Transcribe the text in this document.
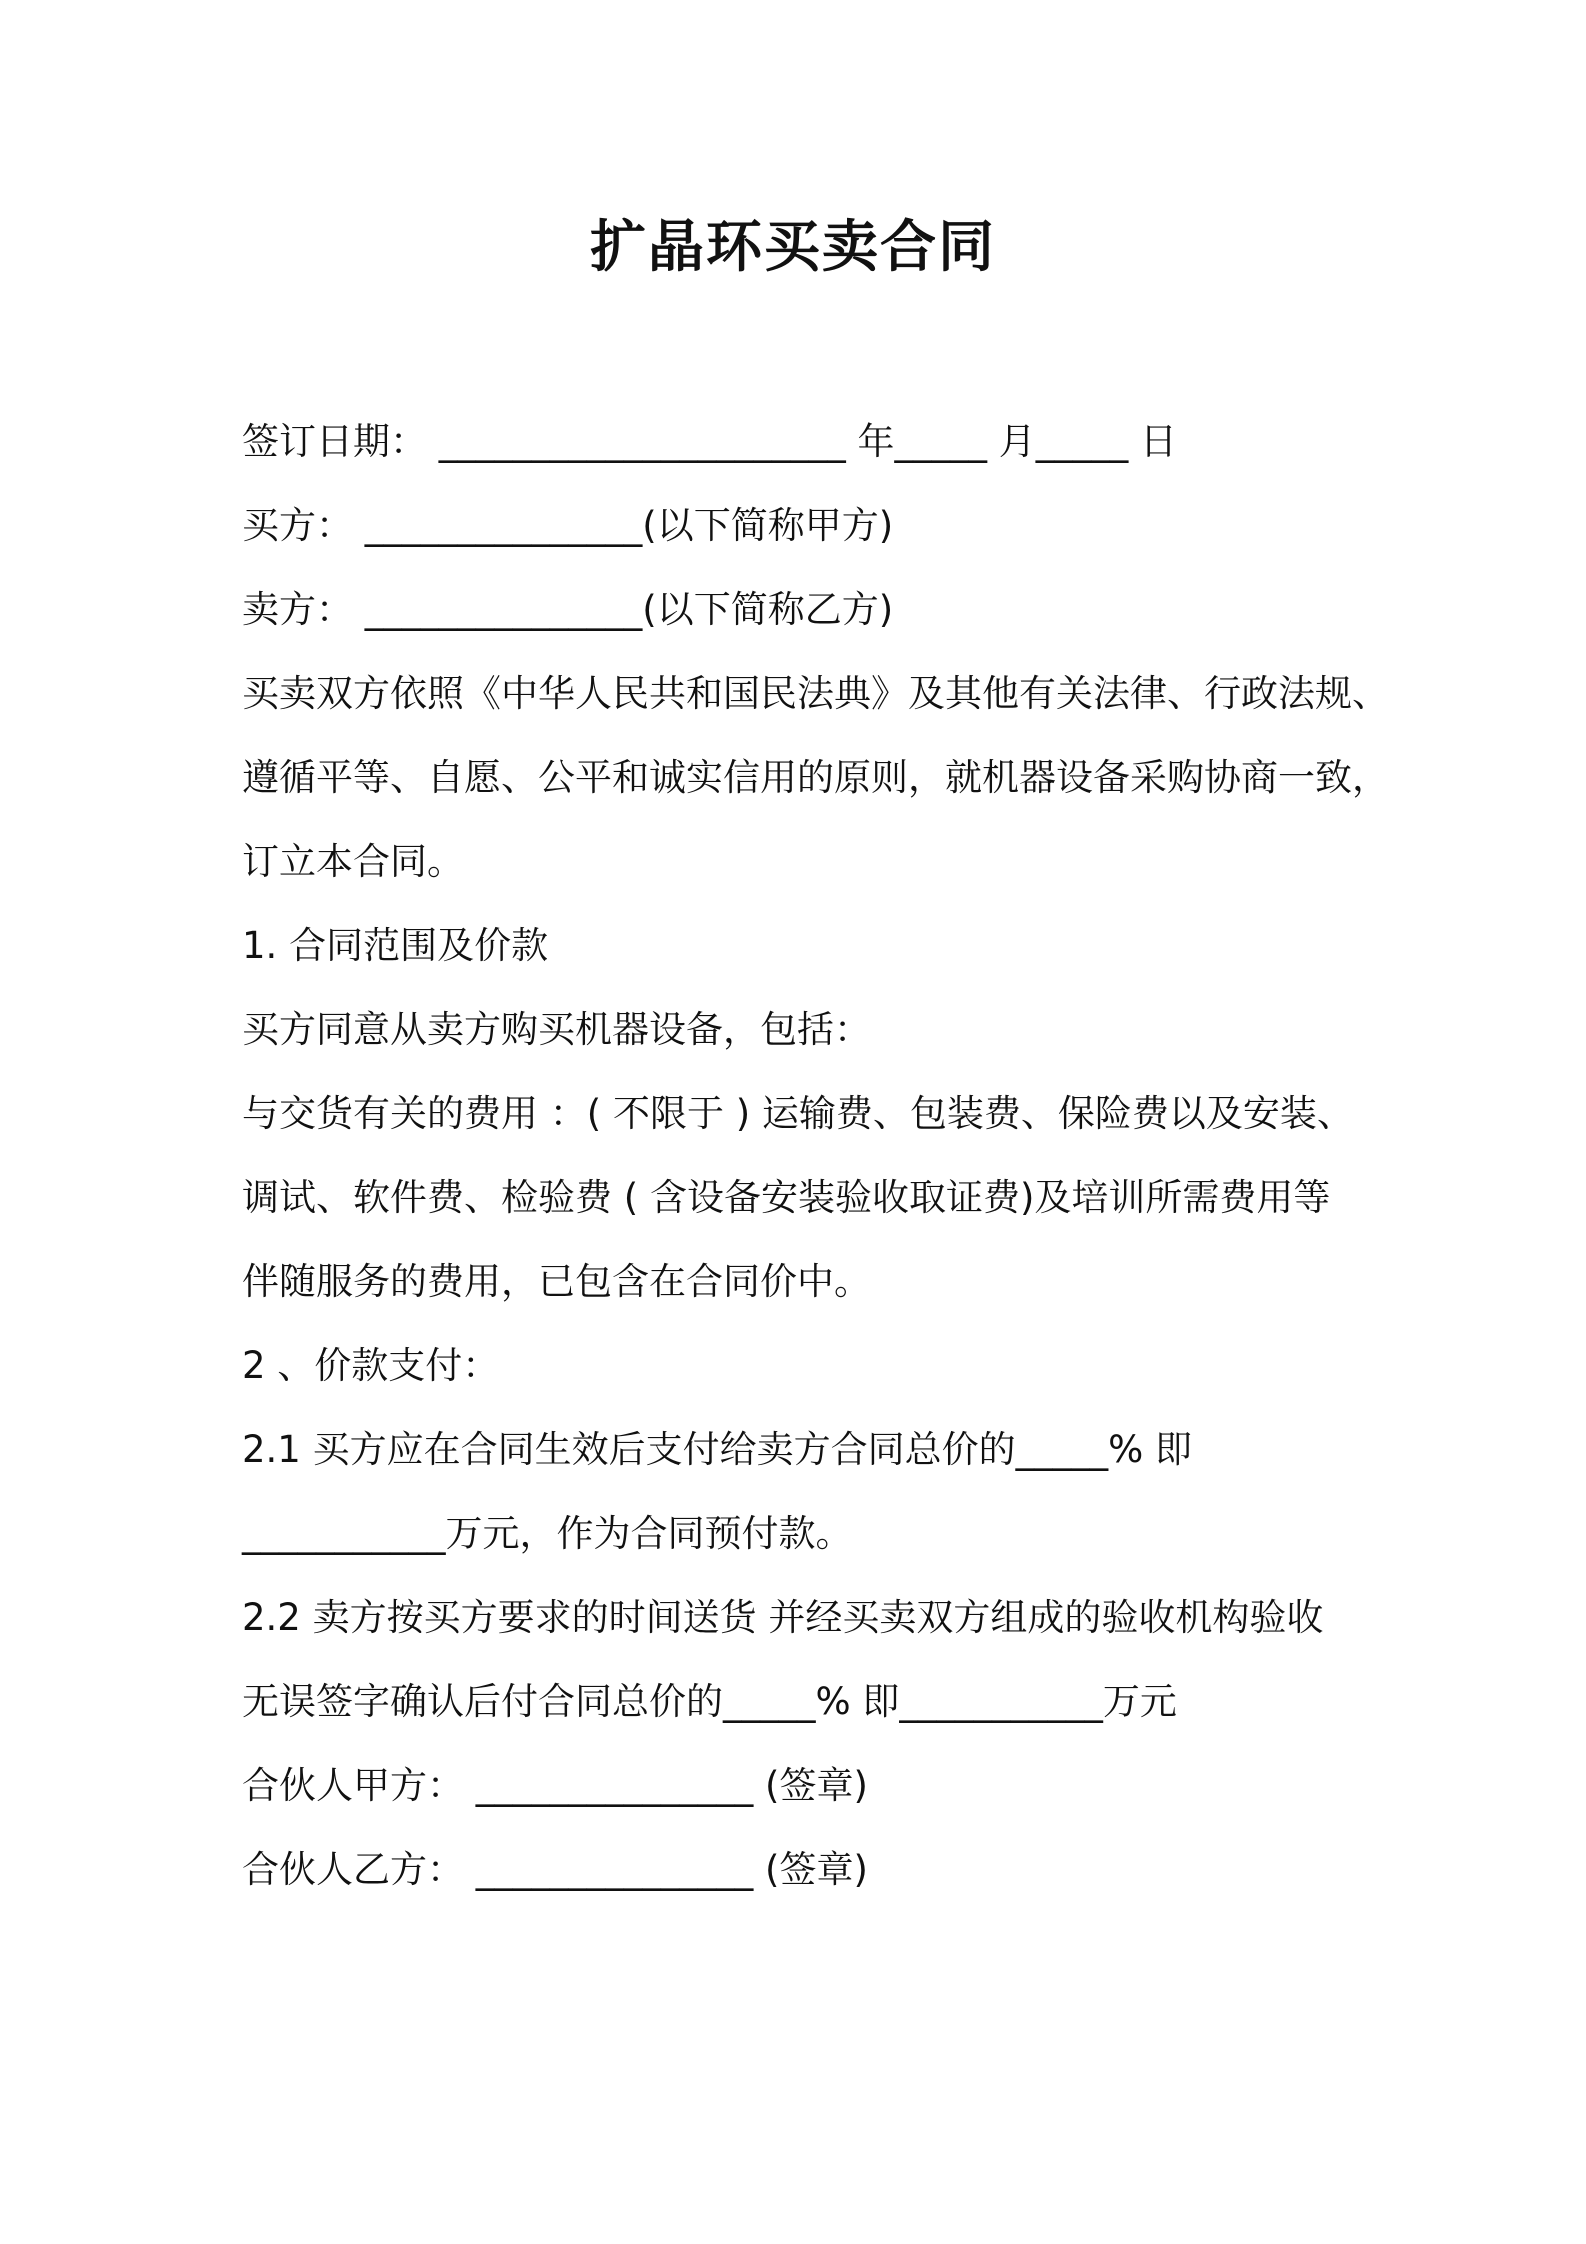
扩晶环买卖合同
签订日期： ______________________ 年_____ 月_____ 日
买方： _______________(以下简称甲方)
卖方： _______________(以下简称乙方)
买卖双方依照《中华人民共和国民法典》及其他有关法律、行政法规、
遵循平等、自愿、公平和诚实信用的原则，就机器设备采购协商一致，
订立本合同。
1. 合同范围及价款
买方同意从卖方购买机器设备，包括：
与交货有关的费用 ：( 不限于 ) 运输费、包装费、保险费以及安装、
调试、软件费、检验费 ( 含设备安装验收取证费)及培训所需费用等
伴随服务的费用，已包含在合同价中。
2 、价款支付：
2.1 买方应在合同生效后支付给卖方合同总价的_____% 即
___________万元，作为合同预付款。
2.2 卖方按买方要求的时间送货 并经买卖双方组成的验收机构验收
无误签字确认后付合同总价的_____% 即___________万元
合伙人甲方： _______________ (签章)
合伙人乙方： _______________ (签章)
